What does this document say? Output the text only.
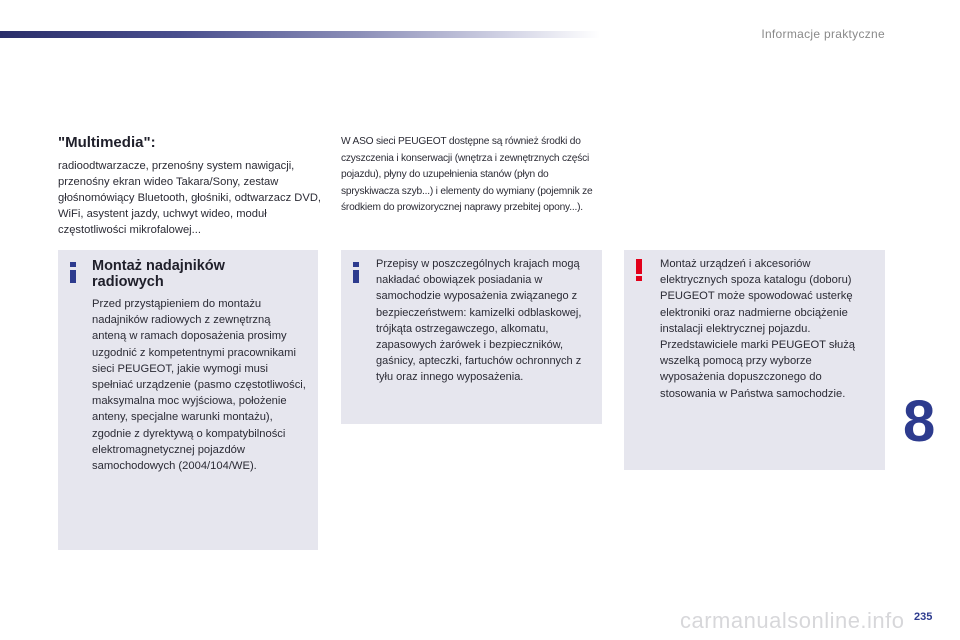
Informacje praktyczne
"Multimedia":
radioodtwarzacze, przenośny system nawigacji, przenośny ekran wideo Takara/Sony, zestaw głośnomówiący Bluetooth, głośniki, odtwarzacz DVD, WiFi, asystent jazdy, uchwyt wideo, moduł częstotliwości mikrofalowej...
W ASO sieci PEUGEOT dostępne są również środki do czyszczenia i konserwacji (wnętrza i zewnętrznych części pojazdu), płyny do uzupełnienia stanów (płyn do spryskiwacza szyb...) i elementy do wymiany (pojemnik ze środkiem do prowizorycznej naprawy przebitej opony...).
Montaż nadajników radiowych
Przed przystąpieniem do montażu nadajników radiowych z zewnętrzną anteną w ramach doposażenia prosimy uzgodnić z kompetentnymi pracownikami sieci PEUGEOT, jakie wymogi musi spełniać urządzenie (pasmo częstotliwości, maksymalna moc wyjściowa, położenie anteny, specjalne warunki montażu), zgodnie z dyrektywą o kompatybilności elektromagnetycznej pojazdów samochodowych (2004/104/WE).
Przepisy w poszczególnych krajach mogą nakładać obowiązek posiadania w samochodzie wyposażenia związanego z bezpieczeństwem: kamizelki odblaskowej, trójkąta ostrzegawczego, alkomatu, zapasowych żarówek i bezpieczników, gaśnicy, apteczki, fartuchów ochronnych z tyłu oraz innego wyposażenia.
Montaż urządzeń i akcesoriów elektrycznych spoza katalogu (doboru) PEUGEOT może spowodować usterkę elektroniki oraz nadmierne obciążenie instalacji elektrycznej pojazdu. Przedstawiciele marki PEUGEOT służą wszelką pomocą przy wyborze wyposażenia dopuszczonego do stosowania w Państwa samochodzie. 8
carmanualsonline.info 235
